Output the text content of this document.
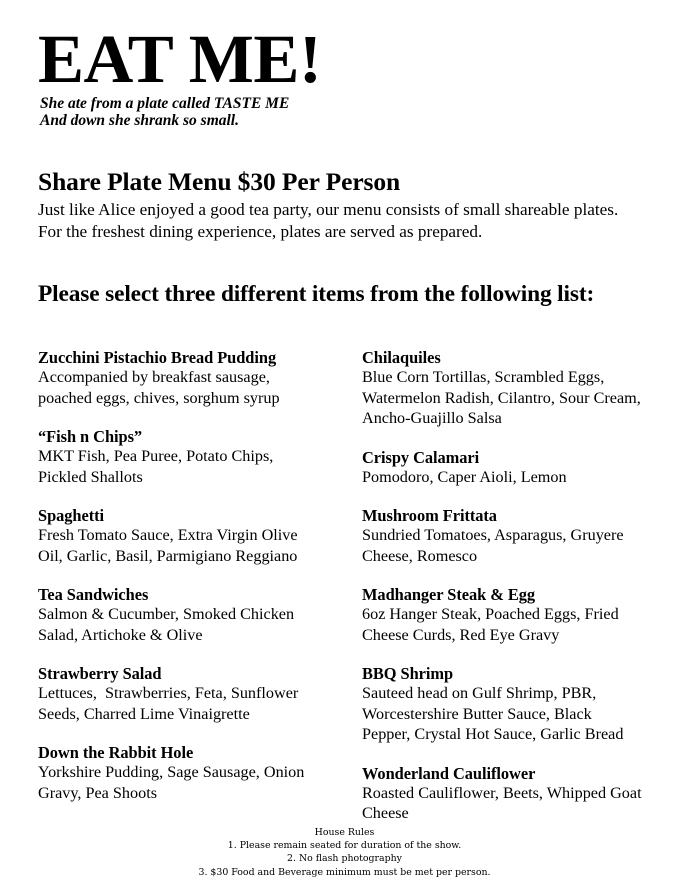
EAT ME!
She ate from a plate called TASTE ME
And down she shrank so small.
Share Plate Menu $30 Per Person

Just like Alice enjoyed a good tea party, our menu consists of small shareable plates. For the freshest dining experience, plates are served as prepared.

Please select three different items from the following list:

Zucchini Pistachio Bread Pudding

Accompanied by breakfast sausage, poached eggs, chives, sorghum syrup

“Fish n Chips”

MKT Fish, Pea Puree, Potato Chips, Pickled Shallots

Spaghetti

Fresh Tomato Sauce, Extra Virgin Olive Oil, Garlic, Basil, Parmigiano Reggiano

Tea Sandwiches

Salmon & Cucumber, Smoked Chicken Salad, Artichoke & Olive

Strawberry Salad

Lettuces,  Strawberries, Feta, Sunflower Seeds, Charred Lime Vinaigrette

Down the Rabbit Hole

Yorkshire Pudding, Sage Sausage, Onion Gravy, Pea Shoots

Chilaquiles

Blue Corn Tortillas, Scrambled Eggs, Watermelon Radish, Cilantro, Sour Cream, Ancho-Guajillo Salsa

Crispy Calamari

Pomodoro, Caper Aioli, Lemon

Mushroom Frittata

Sundried Tomatoes, Asparagus, Gruyere Cheese, Romesco

Madhanger Steak & Egg

6oz Hanger Steak, Poached Eggs, Fried Cheese Curds, Red Eye Gravy

BBQ Shrimp

Sauteed head on Gulf Shrimp, PBR, Worcestershire Butter Sauce, Black Pepper, Crystal Hot Sauce, Garlic Bread

Wonderland Cauliflower

Roasted Cauliflower, Beets, Whipped Goat Cheese

House Rules
1. Please remain seated for duration of the show.
2. No flash photography
3. $30 Food and Beverage minimum must be met per person.
